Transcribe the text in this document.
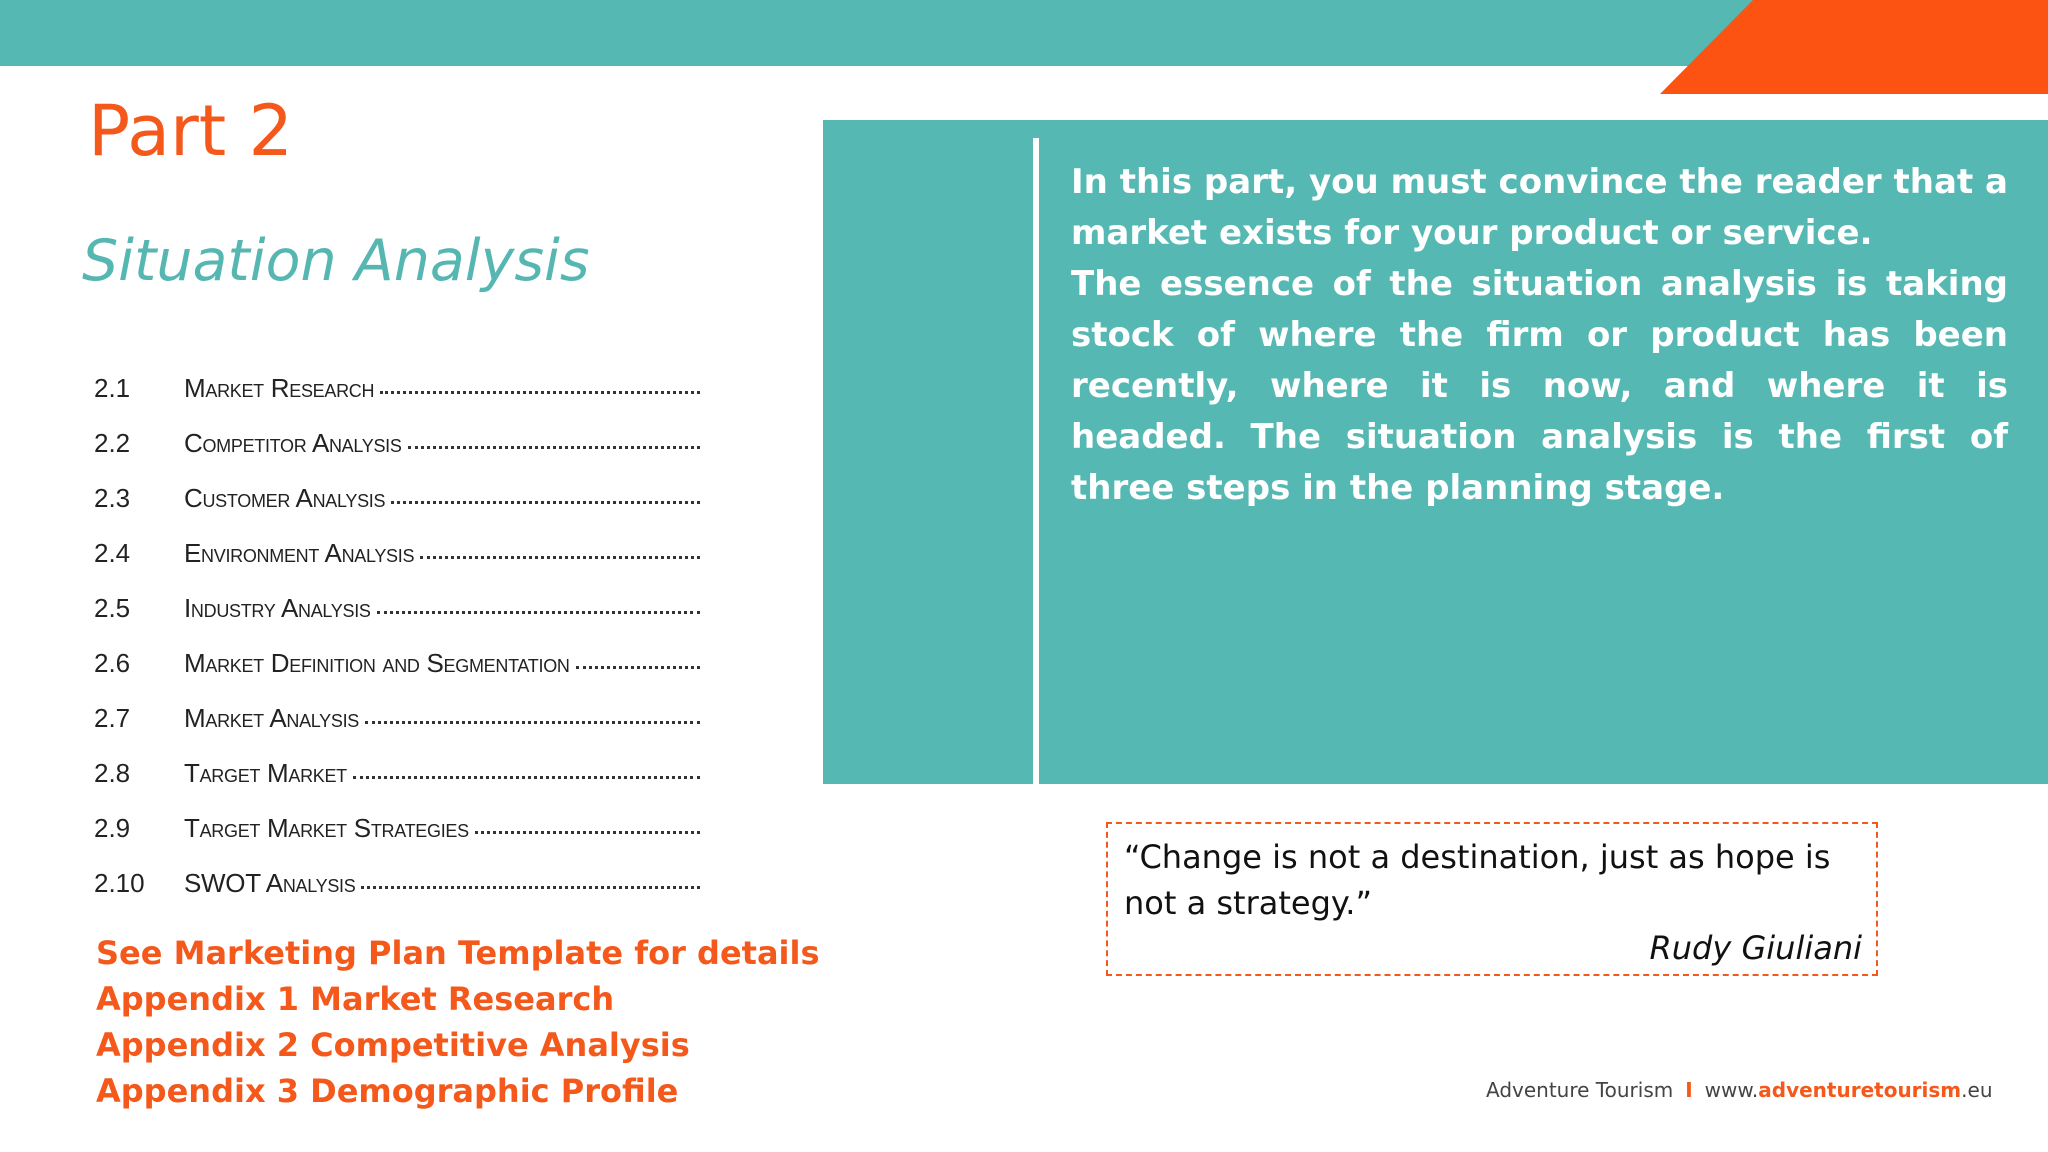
Part 2
Situation Analysis
2.1	Market Research
2.2	Competitor Analysis
2.3	Customer Analysis
2.4	Environment Analysis
2.5	Industry Analysis
2.6	Market Definition and Segmentation
2.7	Market Analysis
2.8	Target Market
2.9	Target Market Strategies
2.10	SWOT Analysis
See Marketing Plan Template for details
Appendix 1 Market Research
Appendix 2 Competitive Analysis
Appendix 3 Demographic Profile

In this part, you must convince the reader that a market exists for your product or service.

The essence of the situation analysis is taking stock of where the firm or product has been recently, where it is now, and where it is headed. The situation analysis is the first of three steps in the planning stage.

“Change is not a destination, just as hope is not a strategy.”

Rudy Giuliani
Adventure Tourism I www.adventuretourism.eu
